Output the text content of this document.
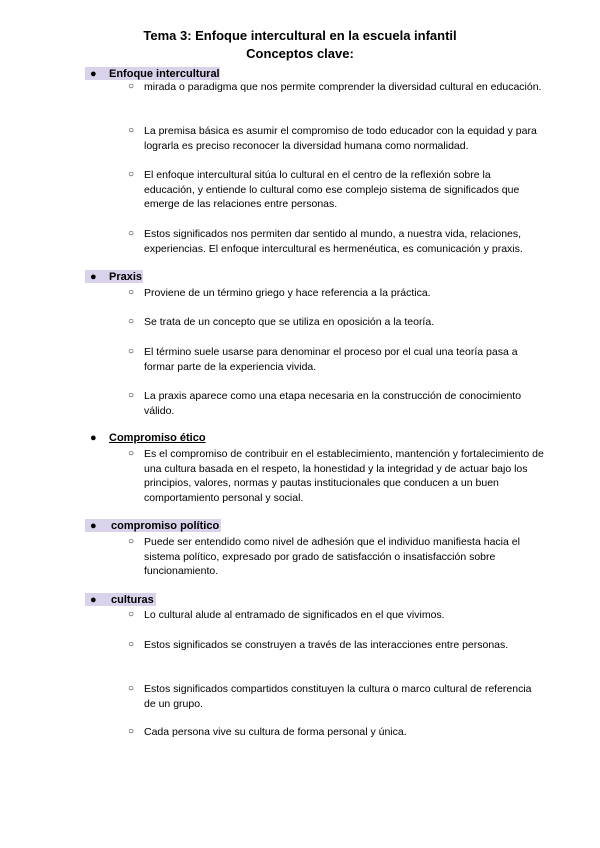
Tema 3: Enfoque intercultural en la escuela infantil
Conceptos clave:
● Enfoque intercultural
○ mirada o paradigma que nos permite comprender la diversidad cultural en educación.
○ La premisa básica es asumir el compromiso de todo educador con la equidad y para lograrla es preciso reconocer la diversidad humana como normalidad.
○ El enfoque intercultural sitúa lo cultural en el centro de la reflexión sobre la educación, y entiende lo cultural como ese complejo sistema de significados que emerge de las relaciones entre personas.
○ Estos significados nos permiten dar sentido al mundo, a nuestra vida, relaciones, experiencias. El enfoque intercultural es hermenéutica, es comunicación y praxis.
● Praxis
○ Proviene de un término griego y hace referencia a la práctica.
○ Se trata de un concepto que se utiliza en oposición a la teoría.
○ El término suele usarse para denominar el proceso por el cual una teoría pasa a formar parte de la experiencia vivida.
○ La praxis aparece como una etapa necesaria en la construcción de conocimiento válido.
● Compromiso ético
○ Es el compromiso de contribuir en el establecimiento, mantención y fortalecimiento de una cultura basada en el respeto, la honestidad y la integridad y de actuar bajo los principios, valores, normas y pautas institucionales que conducen a un buen comportamiento personal y social.
● compromiso político
○ Puede ser entendido como nivel de adhesión que el individuo manifiesta hacia el sistema político, expresado por grado de satisfacción o insatisfacción sobre funcionamiento.
● culturas
○ Lo cultural alude al entramado de significados en el que vivimos.
○ Estos significados se construyen a través de las interacciones entre personas.
○ Estos significados compartidos constituyen la cultura o marco cultural de referencia de un grupo.
○ Cada persona vive su cultura de forma personal y única.
